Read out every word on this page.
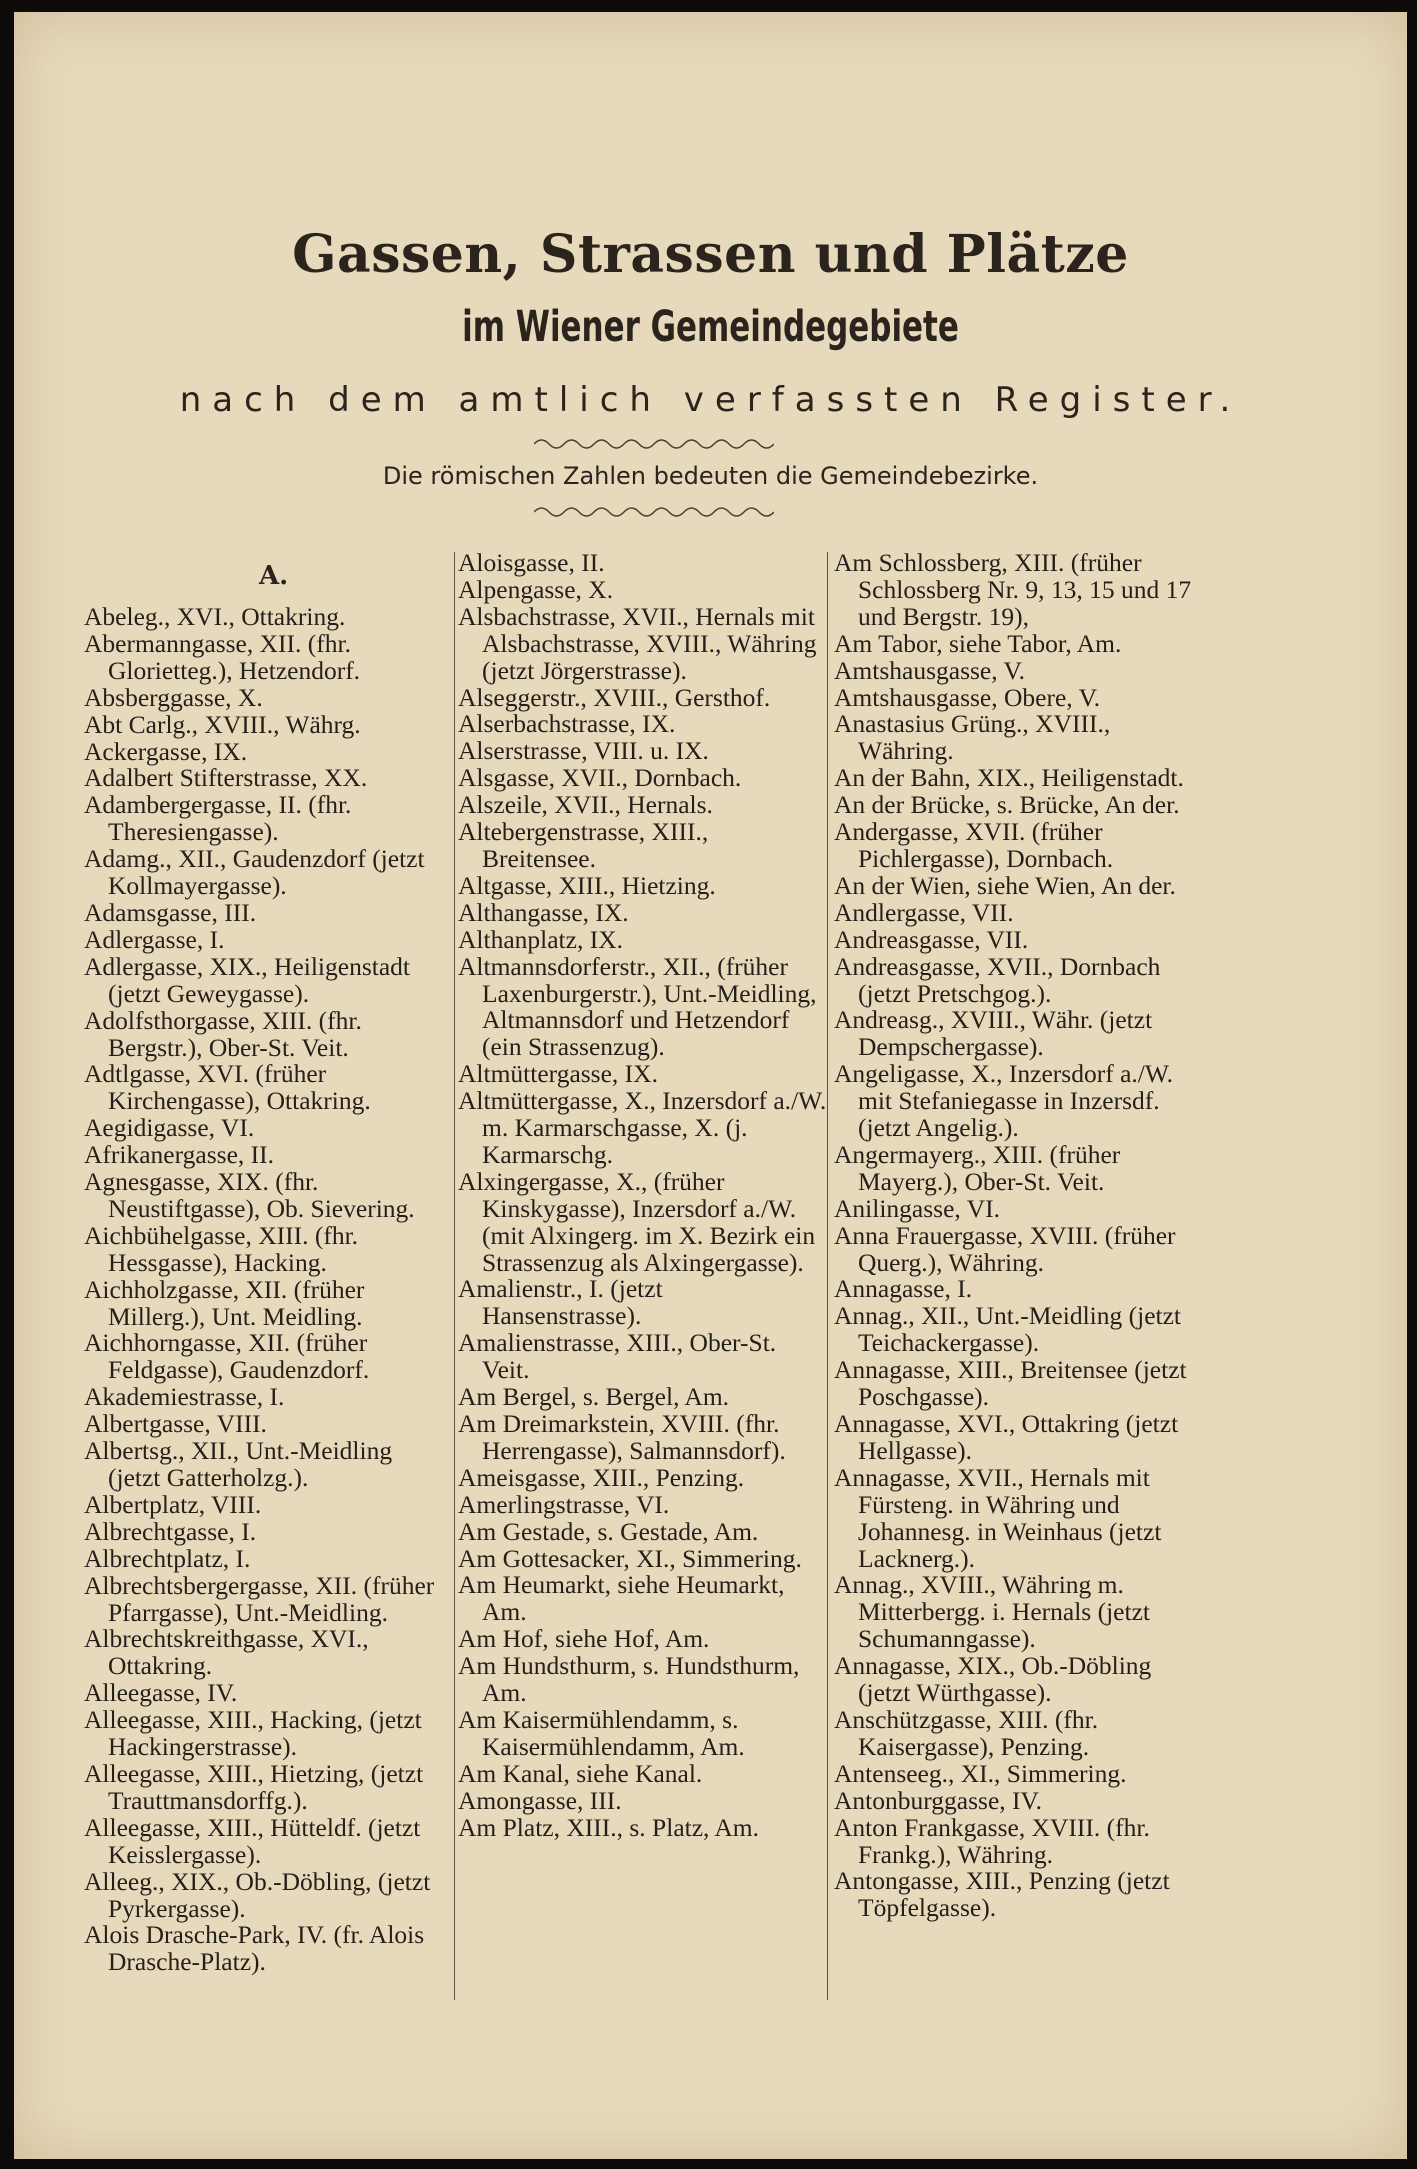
Gassen, Strassen und Plätze
im Wiener Gemeindegebiete
nach dem amtlich verfassten Register.
Die römischen Zahlen bedeuten die Gemeindebezirke.
A.

Abeleg., XVI., Ottakring.

Abermanngasse, XII. (fhr. Glorietteg.), Hetzendorf.

Absberggasse, X.

Abt Carlg., XVIII., Währg.

Ackergasse, IX.

Adalbert Stifterstrasse, XX.

Adambergergasse, II. (fhr. Theresiengasse).

Adamg., XII., Gaudenzdorf (jetzt Kollmayergasse).

Adamsgasse, III.

Adlergasse, I.

Adlergasse, XIX., Heiligenstadt (jetzt Geweygasse).

Adolfsthorgasse, XIII. (fhr. Bergstr.), Ober-St. Veit.

Adtlgasse, XVI. (früher Kirchengasse), Ottakring.

Aegidigasse, VI.

Afrikanergasse, II.

Agnesgasse, XIX. (fhr. Neustiftgasse), Ob. Sievering.

Aichbühelgasse, XIII. (fhr. Hessgasse), Hacking.

Aichholzgasse, XII. (früher Millerg.), Unt. Meidling.

Aichhorngasse, XII. (früher Feldgasse), Gaudenzdorf.

Akademiestrasse, I.

Albertgasse, VIII.

Albertsg., XII., Unt.-Meidling (jetzt Gatterholzg.).

Albertplatz, VIII.

Albrechtgasse, I.

Albrechtplatz, I.

Albrechtsbergergasse, XII. (früher Pfarrgasse), Unt.-Meidling.

Albrechtskreithgasse, XVI., Ottakring.

Alleegasse, IV.

Alleegasse, XIII., Hacking, (jetzt Hackingerstrasse).

Alleegasse, XIII., Hietzing, (jetzt Trauttmansdorffg.).

Alleegasse, XIII., Hütteldf. (jetzt Keisslergasse).

Alleeg., XIX., Ob.-Döbling, (jetzt Pyrkergasse).

Alois Drasche-Park, IV. (fr. Alois Drasche-Platz).

Aloisgasse, II.

Alpengasse, X.

Alsbachstrasse, XVII., Hernals mit Alsbachstrasse, XVIII., Währing (jetzt Jörgerstrasse).

Alseggerstr., XVIII., Gersthof.

Alserbachstrasse, IX.

Alserstrasse, VIII. u. IX.

Alsgasse, XVII., Dornbach.

Alszeile, XVII., Hernals.

Altebergenstrasse, XIII., Breitensee.

Altgasse, XIII., Hietzing.

Althangasse, IX.

Althanplatz, IX.

Altmannsdorferstr., XII., (früher Laxenburgerstr.), Unt.-Meidling, Altmannsdorf und Hetzendorf (ein Strassenzug).

Altmüttergasse, IX.

Altmüttergasse, X., Inzersdorf a./W. m. Karmarschgasse, X. (j. Karmarschg.

Alxingergasse, X., (früher Kinskygasse), Inzersdorf a./W. (mit Alxingerg. im X. Bezirk ein Strassenzug als Alxingergasse).

Amalienstr., I. (jetzt Hansenstrasse).

Amalienstrasse, XIII., Ober-St. Veit.

Am Bergel, s. Bergel, Am.

Am Dreimarkstein, XVIII. (fhr. Herrengasse), Salmannsdorf).

Ameisgasse, XIII., Penzing.

Amerlingstrasse, VI.

Am Gestade, s. Gestade, Am.

Am Gottesacker, XI., Simmering.

Am Heumarkt, siehe Heumarkt, Am.

Am Hof, siehe Hof, Am.

Am Hundsthurm, s. Hundsthurm, Am.

Am Kaisermühlendamm, s. Kaisermühlendamm, Am.

Am Kanal, siehe Kanal.

Amongasse, III.

Am Platz, XIII., s. Platz, Am.

Am Schlossberg, XIII. (früher Schlossberg Nr. 9, 13, 15 und 17 und Bergstr. 19),

Am Tabor, siehe Tabor, Am.

Amtshausgasse, V.

Amtshausgasse, Obere, V.

Anastasius Grüng., XVIII., Währing.

An der Bahn, XIX., Heiligenstadt.

An der Brücke, s. Brücke, An der.

Andergasse, XVII. (früher Pichlergasse), Dornbach.

An der Wien, siehe Wien, An der.

Andlergasse, VII.

Andreasgasse, VII.

Andreasgasse, XVII., Dornbach (jetzt Pretschgog.).

Andreasg., XVIII., Währ. (jetzt Dempschergasse).

Angeligasse, X., Inzersdorf a./W. mit Stefaniegasse in Inzersdf. (jetzt Angelig.).

Angermayerg., XIII. (früher Mayerg.), Ober-St. Veit.

Anilingasse, VI.

Anna Frauergasse, XVIII. (früher Querg.), Währing.

Annagasse, I.

Annag., XII., Unt.-Meidling (jetzt Teichackergasse).

Annagasse, XIII., Breitensee (jetzt Poschgasse).

Annagasse, XVI., Ottakring (jetzt Hellgasse).

Annagasse, XVII., Hernals mit Fürsteng. in Währing und Johannesg. in Weinhaus (jetzt Lacknerg.).

Annag., XVIII., Währing m. Mitterbergg. i. Hernals (jetzt Schumanngasse).

Annagasse, XIX., Ob.-Döbling (jetzt Würthgasse).

Anschützgasse, XIII. (fhr. Kaisergasse), Penzing.

Antenseeg., XI., Simmering.

Antonburggasse, IV.

Anton Frankgasse, XVIII. (fhr. Frankg.), Währing.

Antongasse, XIII., Penzing (jetzt Töpfelgasse).
